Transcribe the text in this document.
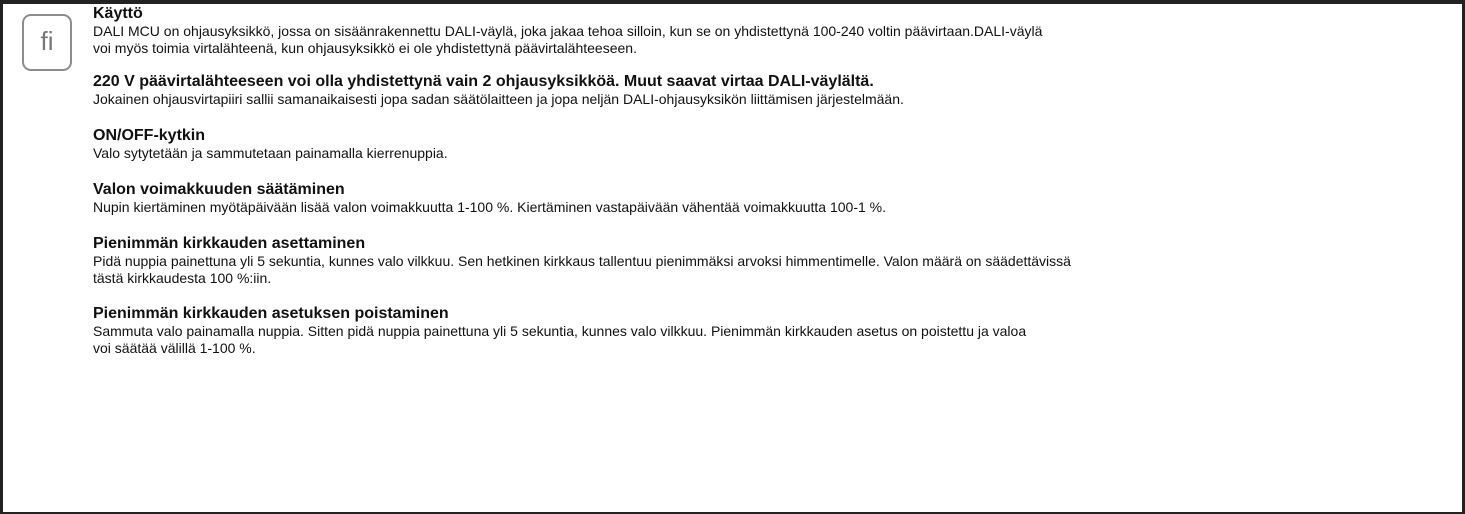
fi
Käyttö

DALI MCU on ohjausyksikkö, jossa on sisäänrakennettu DALI-väylä, joka jakaa tehoa silloin, kun se on yhdistettynä 100-240 voltin päävirtaan.DALI-väylä

voi myös toimia virtalähteenä, kun ohjausyksikkö ei ole yhdistettynä päävirtalähteeseen.

220 V päävirtalähteeseen voi olla yhdistettynä vain 2 ohjausyksikköä. Muut saavat virtaa DALI-väylältä.

Jokainen ohjausvirtapiiri sallii samanaikaisesti jopa sadan säätölaitteen ja jopa neljän DALI-ohjausyksikön liittämisen järjestelmään.

ON/OFF-kytkin

Valo sytytetään ja sammutetaan painamalla kierrenuppia.

Valon voimakkuuden säätäminen

Nupin kiertäminen myötäpäivään lisää valon voimakkuutta 1-100 %. Kiertäminen vastapäivään vähentää voimakkuutta 100-1 %.

Pienimmän kirkkauden asettaminen

Pidä nuppia painettuna yli 5 sekuntia, kunnes valo vilkkuu. Sen hetkinen kirkkaus tallentuu pienimmäksi arvoksi himmentimelle. Valon määrä on säädettävissä

tästä kirkkaudesta 100 %:iin.

Pienimmän kirkkauden asetuksen poistaminen

Sammuta valo painamalla nuppia. Sitten pidä nuppia painettuna yli 5 sekuntia, kunnes valo vilkkuu. Pienimmän kirkkauden asetus on poistettu ja valoa

voi säätää välillä 1-100 %.
